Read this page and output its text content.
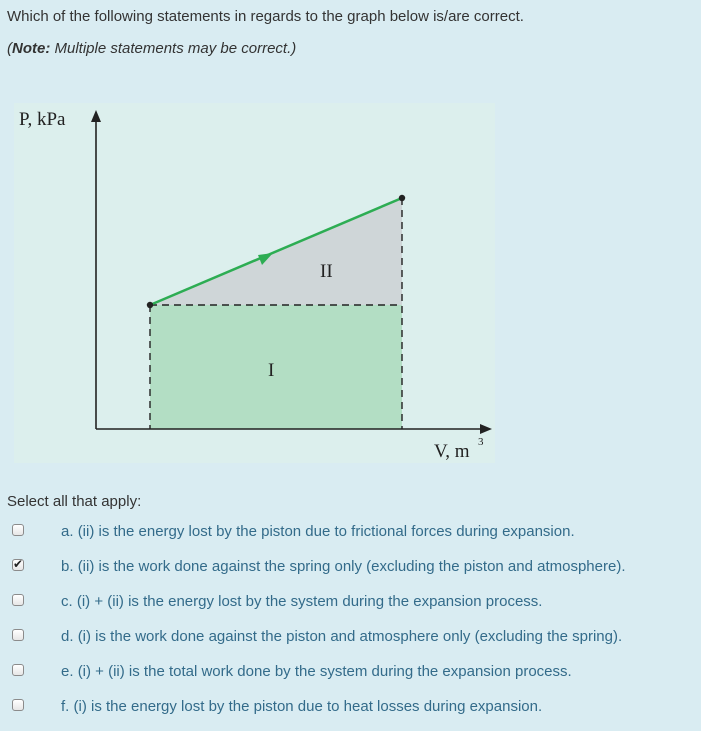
Which of the following statements in regards to the graph below is/are correct.
(Note: Multiple statements may be correct.)
P, kPa
V, m 3
II
I
Select all that apply:
a. (ii) is the energy lost by the piston due to frictional forces during expansion.
✔	b. (ii) is the work done against the spring only (excluding the piston and atmosphere).
c. (i) + (ii) is the energy lost by the system during the expansion process.
d. (i) is the work done against the piston and atmosphere only (excluding the spring).
e. (i) + (ii) is the total work done by the system during the expansion process.
f. (i) is the energy lost by the piston due to heat losses during expansion.
